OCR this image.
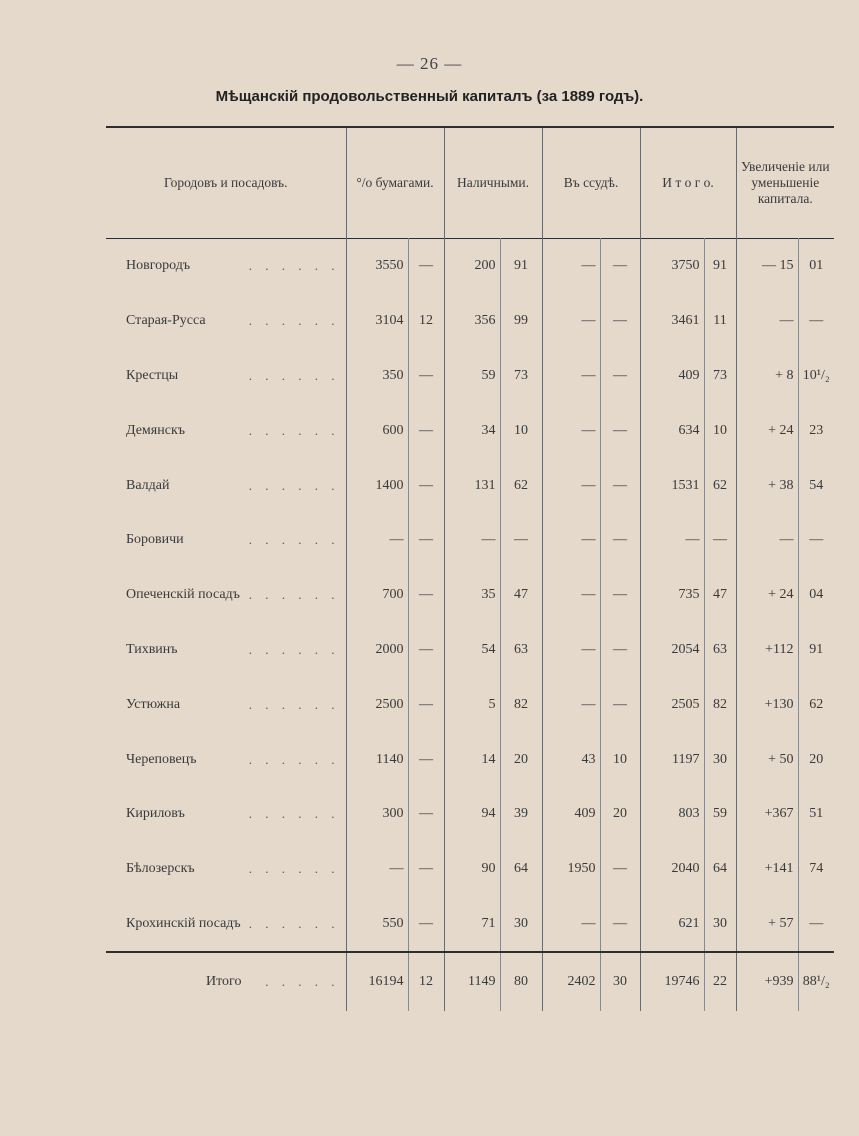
— 26 —
Мѣщанскій продовольственный капиталъ (за 1889 годъ).
Городовъ и посадовъ.	°/о бумагами.		Наличными.		Въ ссудѣ.		И т о г о.		Увеличеніе или уменьшеніе капитала.	
Новгородъ . . . . . .	3550	—	200	91	—	—	3750	91	— 15	01
Старая-Русса . . . . . .	3104	12	356	99	—	—	3461	11	—	—
Крестцы . . . . . .	350	—	59	73	—	—	409	73	+ 8	10¹/₂
Демянскъ . . . . . .	600	—	34	10	—	—	634	10	+ 24	23
Валдай . . . . . .	1400	—	131	62	—	—	1531	62	+ 38	54
Боровичи . . . . . .	—	—	—	—	—	—	—	—	—	—
Опеченскій посадъ . . . . . .	700	—	35	47	—	—	735	47	+ 24	04
Тихвинъ . . . . . .	2000	—	54	63	—	—	2054	63	+112	91
Устюжна . . . . . .	2500	—	5	82	—	—	2505	82	+130	62
Череповецъ . . . . . .	1140	—	14	20	43	10	1197	30	+ 50	20
Кириловъ . . . . . .	300	—	94	39	409	20	803	59	+367	51
Бѣлозерскъ . . . . . .	—	—	90	64	1950	—	2040	64	+141	74
Крохинскій посадъ . . . . . .	550	—	71	30	—	—	621	30	+ 57	—
Итого . . . . .	16194	12	1149	80	2402	30	19746	22	+939	88¹/₂
